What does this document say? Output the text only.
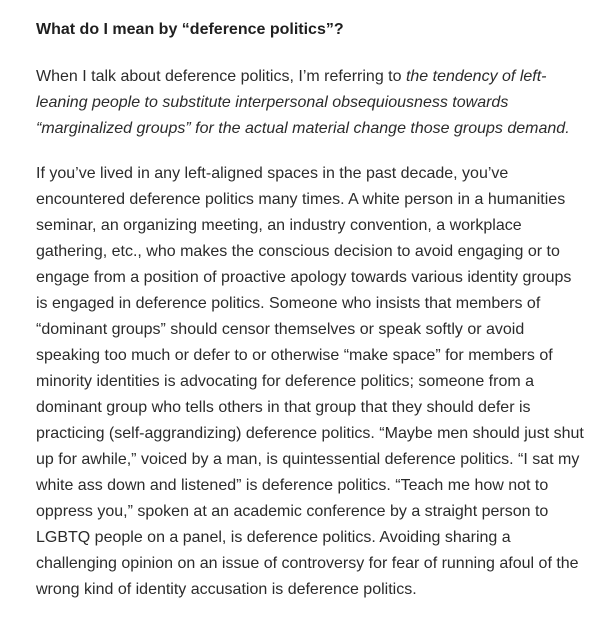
What do I mean by “deference politics”?

When I talk about deference politics, I’m referring to the tendency of left-
leaning people to substitute interpersonal obsequiousness towards
“marginalized groups” for the actual material change those groups demand.

If you’ve lived in any left-aligned spaces in the past decade, you’ve
encountered deference politics many times. A white person in a humanities
seminar, an organizing meeting, an industry convention, a workplace
gathering, etc., who makes the conscious decision to avoid engaging or to
engage from a position of proactive apology towards various identity groups
is engaged in deference politics. Someone who insists that members of
“dominant groups” should censor themselves or speak softly or avoid
speaking too much or defer to or otherwise “make space” for members of
minority identities is advocating for deference politics; someone from a
dominant group who tells others in that group that they should defer is
practicing (self-aggrandizing) deference politics. “Maybe men should just shut
up for awhile,” voiced by a man, is quintessential deference politics. “I sat my
white ass down and listened” is deference politics. “Teach me how not to
oppress you,” spoken at an academic conference by a straight person to
LGBTQ people on a panel, is deference politics. Avoiding sharing a
challenging opinion on an issue of controversy for fear of running afoul of the
wrong kind of identity accusation is deference politics.
